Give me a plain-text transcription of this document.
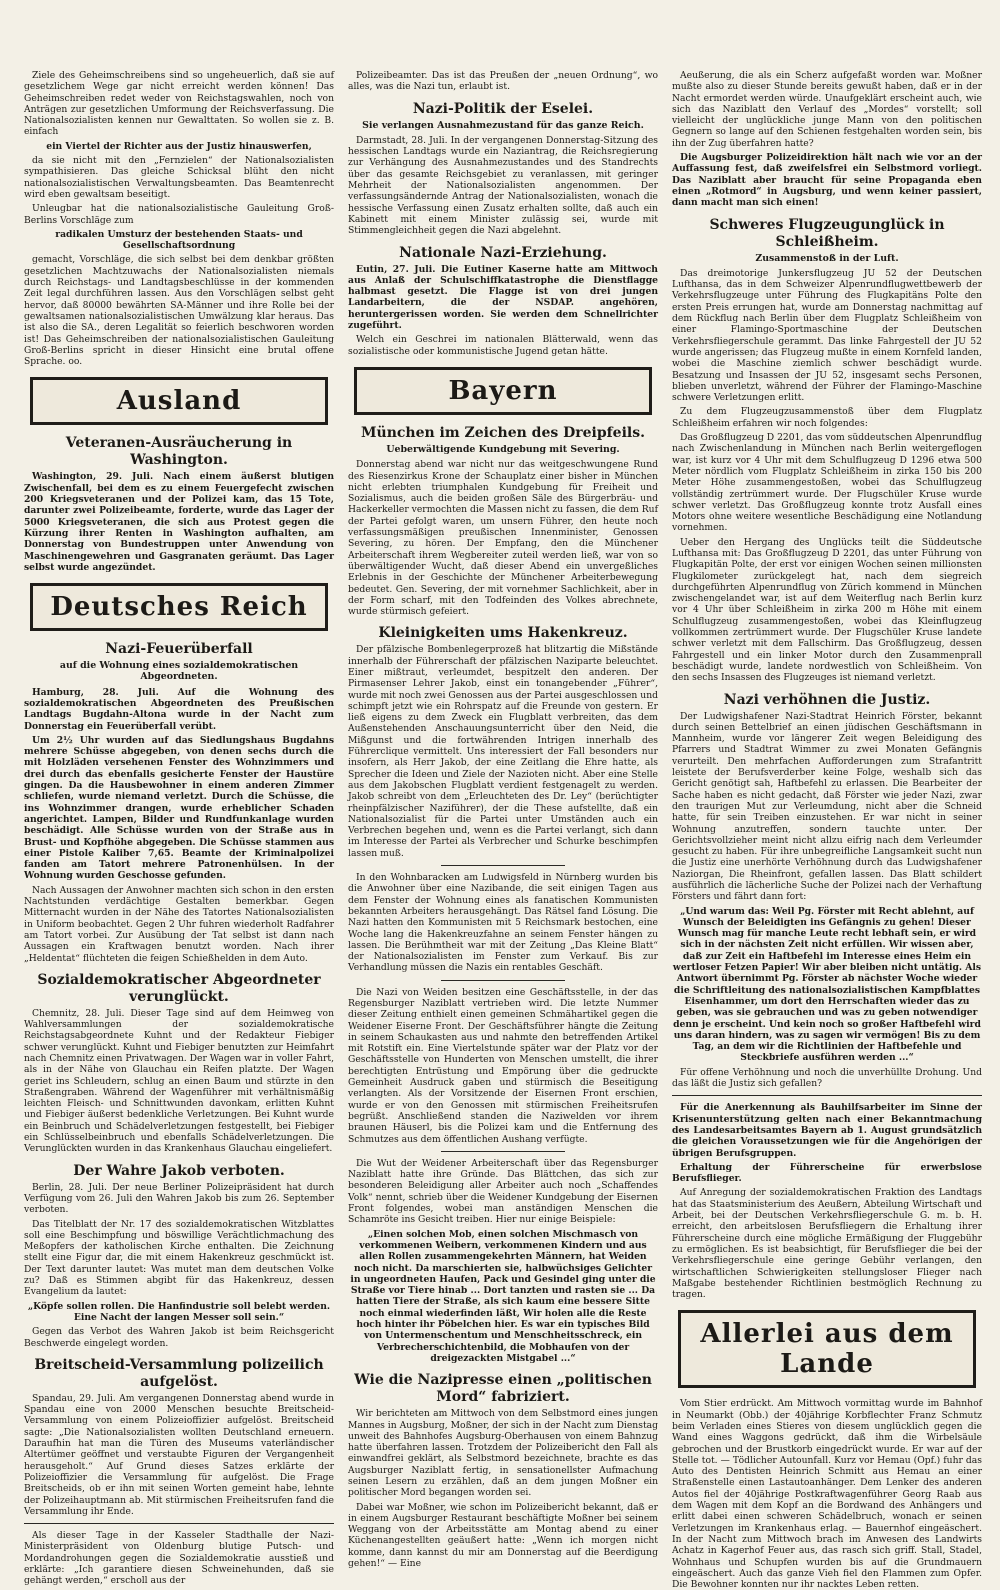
Ziele des Geheimschreibens sind so ungeheuerlich, daß sie auf gesetzlichem Wege gar nicht erreicht werden können! Das Geheimschreiben redet weder von Reichstagswahlen, noch von Anträgen zur gesetzlichen Umformung der Reichsverfassung. Die Nationalsozialisten kennen nur Gewalttaten. So wollen sie z. B. einfach

ein Viertel der Richter aus der Justiz hinauswerfen,

da sie nicht mit den „Fernzielen“ der Nationalsozialisten sympathisieren. Das gleiche Schicksal blüht den nicht nationalsozialistischen Verwaltungsbeamten. Das Beamtenrecht wird eben gewaltsam beseitigt.

Unleugbar hat die nationalsozialistische Gauleitung Groß-Berlins Vorschläge zum

radikalen Umsturz der bestehenden Staats- und Gesellschaftsordnung

gemacht, Vorschläge, die sich selbst bei dem denkbar größten gesetzlichen Machtzuwachs der Nationalsozialisten niemals durch Reichstags- und Landtagsbeschlüsse in der kommenden Zeit legal durchführen lassen. Aus den Vorschlägen selbst geht hervor, daß 80000 bewährten SA-Männer und ihre Rolle bei der gewaltsamen nationalsozialistischen Umwälzung klar heraus. Das ist also die SA., deren Legalität so feierlich beschworen worden ist! Das Geheimschreiben der nationalsozialistischen Gauleitung Groß-Berlins spricht in dieser Hinsicht eine brutal offene Sprache. oo.

Ausland
Veteranen-Ausräucherung in Washington.

Washington, 29. Juli. Nach einem äußerst blutigen Zwischenfall, bei dem es zu einem Feuergefecht zwischen 200 Kriegsveteranen und der Polizei kam, das 15 Tote, darunter zwei Polizeibeamte, forderte, wurde das Lager der 5000 Kriegsveteranen, die sich aus Protest gegen die Kürzung ihrer Renten in Washington aufhalten, am Donnerstag von Bundestruppen unter Anwendung von Maschinengewehren und Gasgranaten geräumt. Das Lager selbst wurde angezündet.

Deutsches Reich
Nazi-Feuerüberfall
auf die Wohnung eines sozialdemokratischen Abgeordneten.

Hamburg, 28. Juli. Auf die Wohnung des sozialdemokratischen Abgeordneten des Preußischen Landtags Bugdahn-Altona wurde in der Nacht zum Donnerstag ein Feuerüberfall verübt.

Um 2½ Uhr wurden auf das Siedlungshaus Bugdahns mehrere Schüsse abgegeben, von denen sechs durch die mit Holzläden versehenen Fenster des Wohnzimmers und drei durch das ebenfalls gesicherte Fenster der Haustüre gingen. Da die Hausbewohner in einem anderen Zimmer schliefen, wurde niemand verletzt. Durch die Schüsse, die ins Wohnzimmer drangen, wurde erheblicher Schaden angerichtet. Lampen, Bilder und Rundfunkanlage wurden beschädigt. Alle Schüsse wurden von der Straße aus in Brust- und Kopfhöhe abgegeben. Die Schüsse stammen aus einer Pistole Kaliber 7,65. Beamte der Kriminalpolizei fanden am Tatort mehrere Patronenhülsen. In der Wohnung wurden Geschosse gefunden.

Nach Aussagen der Anwohner machten sich schon in den ersten Nachtstunden verdächtige Gestalten bemerkbar. Gegen Mitternacht wurden in der Nähe des Tatortes Nationalsozialisten in Uniform beobachtet. Gegen 2 Uhr fuhren wiederholt Radfahrer am Tatort vorbei. Zur Ausübung der Tat selbst ist dann nach Aussagen ein Kraftwagen benutzt worden. Nach ihrer „Heldentat“ flüchteten die feigen Schießhelden in dem Auto.

Sozialdemokratischer Abgeordneter verunglückt.

Chemnitz, 28. Juli. Dieser Tage sind auf dem Heimweg von Wahlversammlungen der sozialdemokratische Reichstagsabgeordnete Kuhnt und der Redakteur Fiebiger schwer verunglückt. Kuhnt und Fiebiger benutzten zur Heimfahrt nach Chemnitz einen Privatwagen. Der Wagen war in voller Fahrt, als in der Nähe von Glauchau ein Reifen platzte. Der Wagen geriet ins Schleudern, schlug an einen Baum und stürzte in den Straßengraben. Während der Wagenführer mit verhältnismäßig leichten Fleisch- und Schnittwunden davonkam, erlitten Kuhnt und Fiebiger äußerst bedenkliche Verletzungen. Bei Kuhnt wurde ein Beinbruch und Schädelverletzungen festgestellt, bei Fiebiger ein Schlüsselbeinbruch und ebenfalls Schädelverletzungen. Die Verunglückten wurden in das Krankenhaus Glauchau eingeliefert.

Der Wahre Jakob verboten.

Berlin, 28. Juli. Der neue Berliner Polizeipräsident hat durch Verfügung vom 26. Juli den Wahren Jakob bis zum 26. September verboten.

Das Titelblatt der Nr. 17 des sozialdemokratischen Witzblattes soll eine Beschimpfung und böswillige Verächtlichmachung des Meßopfers der katholischen Kirche enthalten. Die Zeichnung stellt eine Figur dar, die mit einem Hakenkreuz geschmückt ist. Der Text darunter lautet: Was mutet man dem deutschen Volke zu? Daß es Stimmen abgibt für das Hakenkreuz, dessen Evangelium da lautet:

„Köpfe sollen rollen. Die Hanfindustrie soll belebt werden. Eine Nacht der langen Messer soll sein.“

Gegen das Verbot des Wahren Jakob ist beim Reichsgericht Beschwerde eingelegt worden.

Breitscheid-Versammlung polizeilich aufgelöst.

Spandau, 29. Juli. Am vergangenen Donnerstag abend wurde in Spandau eine von 2000 Menschen besuchte Breitscheid-Versammlung von einem Polizeioffizier aufgelöst. Breitscheid sagte: „Die Nationalsozialisten wollten Deutschland erneuern. Daraufhin hat man die Türen des Museums vaterländischer Altertümer geöffnet und verstaubte Figuren der Vergangenheit herausgeholt.“ Auf Grund dieses Satzes erklärte der Polizeioffizier die Versammlung für aufgelöst. Die Frage Breitscheids, ob er ihn mit seinen Worten gemeint habe, lehnte der Polizeihauptmann ab. Mit stürmischen Freiheitsrufen fand die Versammlung ihr Ende.

Als dieser Tage in der Kasseler Stadthalle der Nazi-Ministerpräsident von Oldenburg blutige Putsch- und Mordandrohungen gegen die Sozialdemokratie ausstieß und erklärte: „Ich garantiere diesen Schweinehunden, daß sie gehängt werden,“ erscholl aus der

Polizeibeamter. Das ist das Preußen der „neuen Ordnung“, wo alles, was die Nazi tun, erlaubt ist.

Nazi-Politik der Eselei.
Sie verlangen Ausnahmezustand für das ganze Reich.

Darmstadt, 28. Juli. In der vergangenen Donnerstag-Sitzung des hessischen Landtags wurde ein Naziantrag, die Reichsregierung zur Verhängung des Ausnahmezustandes und des Standrechts über das gesamte Reichsgebiet zu veranlassen, mit geringer Mehrheit der Nationalsozialisten angenommen. Der verfassungsändernde Antrag der Nationalsozialisten, wonach die hessische Verfassung einen Zusatz erhalten sollte, daß auch ein Kabinett mit einem Minister zulässig sei, wurde mit Stimmengleichheit gegen die Nazi abgelehnt.

Nationale Nazi-Erziehung.

Eutin, 27. Juli. Die Eutiner Kaserne hatte am Mittwoch aus Anlaß der Schulschiffkatastrophe die Dienstflagge halbmast gesetzt. Die Flagge ist von drei jungen Landarbeitern, die der NSDAP. angehören, heruntergerissen worden. Sie werden dem Schnellrichter zugeführt.

Welch ein Geschrei im nationalen Blätterwald, wenn das sozialistische oder kommunistische Jugend getan hätte.

Bayern
München im Zeichen des Dreipfeils.
Ueberwältigende Kundgebung mit Severing.

Donnerstag abend war nicht nur das weitgeschwungene Rund des Riesenzirkus Krone der Schauplatz einer bisher in München nicht erlebten triumphalen Kundgebung für Freiheit und Sozialismus, auch die beiden großen Säle des Bürgerbräu- und Hackerkeller vermochten die Massen nicht zu fassen, die dem Ruf der Partei gefolgt waren, um unsern Führer, den heute noch verfassungsmäßigen preußischen Innenminister, Genossen Severing, zu hören. Der Empfang, den die Münchener Arbeiterschaft ihrem Wegbereiter zuteil werden ließ, war von so überwältigender Wucht, daß dieser Abend ein unvergeßliches Erlebnis in der Geschichte der Münchener Arbeiterbewegung bedeutet. Gen. Severing, der mit vornehmer Sachlichkeit, aber in der Form scharf, mit den Todfeinden des Volkes abrechnete, wurde stürmisch gefeiert.

Kleinigkeiten ums Hakenkreuz.

Der pfälzische Bombenlegerprozeß hat blitzartig die Mißstände innerhalb der Führerschaft der pfälzischen Naziparte beleuchtet. Einer mißtraut, verleumdet, bespitzelt den anderen. Der Pirmasenser Lehrer Jakob, einst ein tonangebender „Führer“, wurde mit noch zwei Genossen aus der Partei ausgeschlossen und schimpft jetzt wie ein Rohrspatz auf die Freunde von gestern. Er ließ eigens zu dem Zweck ein Flugblatt verbreiten, das dem Außenstehenden Anschauungsunterricht über den Neid, die Mißgunst und die fortwährenden Intrigen innerhalb des Führerclique vermittelt. Uns interessiert der Fall besonders nur insofern, als Herr Jakob, der eine Zeitlang die Ehre hatte, als Sprecher die Ideen und Ziele der Nazioten nicht. Aber eine Stelle aus dem Jakobschen Flugblatt verdient festgenagelt zu werden. Jakob schreibt von dem „Erleuchteten des Dr. Ley“ (berüchtigter rheinpfälzischer Naziführer), der die These aufstellte, daß ein Nationalsozialist für die Partei unter Umständen auch ein Verbrechen begehen und, wenn es die Partei verlangt, sich dann im Interesse der Partei als Verbrecher und Schurke beschimpfen lassen muß.

In den Wohnbaracken am Ludwigsfeld in Nürnberg wurden bis die Anwohner über eine Nazibande, die seit einigen Tagen aus dem Fenster der Wohnung eines als fanatischen Kommunisten bekannten Arbeiters herausgehängt. Das Rätsel fand Lösung. Die Nazi hatten den Kommunisten mit 5 Reichsmark bestochen, eine Woche lang die Hakenkreuzfahne an seinem Fenster hängen zu lassen. Die Berühmtheit war mit der Zeitung „Das Kleine Blatt“ der Nationalsozialisten im Fenster zum Verkauf. Bis zur Verhandlung müssen die Nazis ein rentables Geschäft.

Die Nazi von Weiden besitzen eine Geschäftsstelle, in der das Regensburger Naziblatt vertrieben wird. Die letzte Nummer dieser Zeitung enthielt einen gemeinen Schmähartikel gegen die Weidener Eiserne Front. Der Geschäftsführer hängte die Zeitung in seinem Schaukasten aus und nahmte den betreffenden Artikel mit Rotstift ein. Eine Viertelstunde später war der Platz vor der Geschäftsstelle von Hunderten von Menschen umstellt, die ihrer berechtigten Entrüstung und Empörung über die gedruckte Gemeinheit Ausdruck gaben und stürmisch die Beseitigung verlangten. Als der Vorsitzende der Eisernen Front erschien, wurde er von den Genossen mit stürmischen Freiheitsrufen begrüßt. Anschließend standen die Naziwelden vor ihrem braunen Häuserl, bis die Polizei kam und die Entfernung des Schmutzes aus dem öffentlichen Aushang verfügte.

Die Wut der Weidener Arbeiterschaft über das Regensburger Naziblatt hatte ihre Gründe. Das Blättchen, das sich zur besonderen Beleidigung aller Arbeiter auch noch „Schaffendes Volk“ nennt, schrieb über die Weidener Kundgebung der Eisernen Front folgendes, wobei man anständigen Menschen die Schamröte ins Gesicht treiben. Hier nur einige Beispiele:

„Einen solchen Mob, einen solchen Mischmasch von verkommenen Weibern, verkommenen Kindern und aus allen Rollen zusammengekehrten Männern, hat Weiden noch nicht. Da marschierten sie, halbwüchsiges Gelichter in ungeordneten Haufen, Pack und Gesindel ging unter die Straße vor Tiere hinab ... Dort tanzten und rasten sie ... Da hatten Tiere der Straße, als sich kaum eine bessere Sitte noch einmal wiederfinden läßt, Wir holen alle die Reste hoch hinter ihr Pöbelchen hier. Es war ein typisches Bild von Untermenschentum und Menschheitsschreck, ein Verbrecherschichtenbild, die Mobhaufen von der dreigezackten Mistgabel ...“

Wie die Nazipresse einen „politischen Mord“ fabriziert.

Wir berichteten am Mittwoch von dem Selbstmord eines jungen Mannes in Augsburg, Moßner, der sich in der Nacht zum Dienstag unweit des Bahnhofes Augsburg-Oberhausen von einem Bahnzug hatte überfahren lassen. Trotzdem der Polizeibericht den Fall als einwandfrei geklärt, als Selbstmord bezeichnete, brachte es das Augsburger Naziblatt fertig, in sensationellster Aufmachung seinen Lesern zu erzählen, daß an dem jungen Moßner ein politischer Mord begangen worden sei.

Dabei war Moßner, wie schon im Polizeibericht bekannt, daß er in einem Augsburger Restaurant beschäftigte Moßner bei seinem Weggang von der Arbeitsstätte am Montag abend zu einer Küchenangestellten geäußert hatte: „Wenn ich morgen nicht komme, dann kannst du mir am Donnerstag auf die Beerdigung gehen!“ — Eine

Aeußerung, die als ein Scherz aufgefaßt worden war. Moßner mußte also zu dieser Stunde bereits gewußt haben, daß er in der Nacht ermordet werden würde. Unaufgeklärt erscheint auch, wie sich das Naziblatt den Verlauf des „Mordes“ vorstellt; soll vielleicht der unglückliche junge Mann von den politischen Gegnern so lange auf den Schienen festgehalten worden sein, bis ihn der Zug überfahren hatte?

Die Augsburger Polizeidirektion hält nach wie vor an der Auffassung fest, daß zweifelsfrei ein Selbstmord vorliegt. Das Naziblatt aber braucht für seine Propaganda eben einen „Rotmord“ in Augsburg, und wenn keiner passiert, dann macht man sich einen!

Schweres Flugzeugunglück in Schleißheim.
Zusammenstoß in der Luft.

Das dreimotorige Junkersflugzeug JU 52 der Deutschen Lufthansa, das in dem Schweizer Alpenrundflugwettbewerb der Verkehrsflugzeuge unter Führung des Flugkapitäns Polte den ersten Preis errungen hat, wurde am Donnerstag nachmittag auf dem Rückflug nach Berlin über dem Flugplatz Schleißheim von einer Flamingo-Sportmaschine der Deutschen Verkehrsfliegerschule gerammt. Das linke Fahrgestell der JU 52 wurde angerissen; das Flugzeug mußte in einem Kornfeld landen, wobei die Maschine ziemlich schwer beschädigt wurde. Besatzung und Insassen der JU 52, insgesamt sechs Personen, blieben unverletzt, während der Führer der Flamingo-Maschine schwere Verletzungen erlitt.

Zu dem Flugzeugzusammenstoß über dem Flugplatz Schleißheim erfahren wir noch folgendes:

Das Großflugzeug D 2201, das vom süddeutschen Alpenrundflug nach Zwischenlandung in München nach Berlin weitergeflogen war, ist kurz vor 4 Uhr mit dem Schulflugzeug D 1296 etwa 500 Meter nördlich vom Flugplatz Schleißheim in zirka 150 bis 200 Meter Höhe zusammengestoßen, wobei das Schulflugzeug vollständig zertrümmert wurde. Der Flugschüler Kruse wurde schwer verletzt. Das Großflugzeug konnte trotz Ausfall eines Motors ohne weitere wesentliche Beschädigung eine Notlandung vornehmen.

Ueber den Hergang des Unglücks teilt die Süddeutsche Lufthansa mit: Das Großflugzeug D 2201, das unter Führung von Flugkapitän Polte, der erst vor einigen Wochen seinen millionsten Flugkilometer zurückgelegt hat, nach dem siegreich durchgeführten Alpenrundflug von Zürich kommend in München zwischengelandet war, ist auf dem Weiterflug nach Berlin kurz vor 4 Uhr über Schleißheim in zirka 200 m Höhe mit einem Schulflugzeug zusammengestoßen, wobei das Kleinflugzeug vollkommen zertrümmert wurde. Der Flugschüler Kruse landete schwer verletzt mit dem Fallschirm. Das Großflugzeug, dessen Fahrgestell und ein linker Motor durch den Zusammenprall beschädigt wurde, landete nordwestlich von Schleißheim. Von den sechs Insassen des Flugzeuges ist niemand verletzt.

Nazi verhöhnen die Justiz.

Der Ludwigshafener Nazi-Stadtrat Heinrich Förster, bekannt durch seinen Bettelbrief an einen jüdischen Geschäftsmann in Mannheim, wurde vor längerer Zeit wegen Beleidigung des Pfarrers und Stadtrat Wimmer zu zwei Monaten Gefängnis verurteilt. Den mehrfachen Aufforderungen zum Strafantritt leistete der Berufsverderber keine Folge, weshalb sich das Gericht genötigt sah, Haftbefehl zu erlassen. Die Bearbeiter der Sache haben es nicht gedacht, daß Förster wie jeder Nazi, zwar den traurigen Mut zur Verleumdung, nicht aber die Schneid hatte, für sein Treiben einzustehen. Er war nicht in seiner Wohnung anzutreffen, sondern tauchte unter. Der Gerichtsvollzieher meint nicht allzu eifrig nach dem Verleumder gesucht zu haben. Für ihre unbegreifliche Langsamkeit sucht nun die Justiz eine unerhörte Verhöhnung durch das Ludwigshafener Naziorgan, Die Rheinfront, gefallen lassen. Das Blatt schildert ausführlich die lächerliche Suche der Polizei nach der Verhaftung Försters und fährt dann fort:

„Und warum das: Weil Pg. Förster mit Recht ablehnt, auf Wunsch der Beleidigten ins Gefängnis zu gehen! Dieser Wunsch mag für manche Leute recht lebhaft sein, er wird sich in der nächsten Zeit nicht erfüllen. Wir wissen aber, daß zur Zeit ein Haftbefehl im Interesse eines Heim ein wertloser Fetzen Papier! Wir aber bleiben nicht untätig. Als Antwort übernimmt Pg. Förster ab nächster Woche wieder die Schriftleitung des nationalsozialistischen Kampfblattes Eisenhammer, um dort den Herrschaften wieder das zu geben, was sie gebrauchen und was zu geben notwendiger denn je erscheint. Und kein noch so großer Haftbefehl wird uns daran hindern, was zu sagen wir vermögen! Bis zu dem Tag, an dem wir die Richtlinien der Haftbefehle und Steckbriefe ausführen werden ...“

Für offene Verhöhnung und noch die unverhüllte Drohung. Und das läßt die Justiz sich gefallen?

Für die Anerkennung als Bauhilfsarbeiter im Sinne der Krisenunterstützung gelten nach einer Bekanntmachung des Landesarbeitsamtes Bayern ab 1. August grundsätzlich die gleichen Voraussetzungen wie für die Angehörigen der übrigen Berufsgruppen.

Erhaltung der Führerscheine für erwerbslose Berufsflieger.

Auf Anregung der sozialdemokratischen Fraktion des Landtags hat das Staatsministerium des Aeußern, Abteilung Wirtschaft und Arbeit, bei der Deutschen Verkehrsfliegerschule G. m. b. H. erreicht, den arbeitslosen Berufsfliegern die Erhaltung ihrer Führerscheine durch eine mögliche Ermäßigung der Fluggebühr zu ermöglichen. Es ist beabsichtigt, für Berufsflieger die bei der Verkehrsfliegerschule eine geringe Gebühr verlangen, den wirtschaftlichen Schwierigkeiten stellungsloser Flieger nach Maßgabe bestehender Richtlinien bestmöglich Rechnung zu tragen.

Allerlei aus dem Lande

Vom Stier erdrückt. Am Mittwoch vormittag wurde im Bahnhof in Neumarkt (Obb.) der 40jährige Korbflechter Franz Schmutz beim Verladen eines Stieres von diesem unglücklich gegen die Wand eines Waggons gedrückt, daß ihm die Wirbelsäule gebrochen und der Brustkorb eingedrückt wurde. Er war auf der Stelle tot. — Tödlicher Autounfall. Kurz vor Hemau (Opf.) fuhr das Auto des Dentisten Heinrich Schmitt aus Hemau an einer Straßenstelle einen Lastautoanhänger. Dem Lenker des anderen Autos fiel der 40jährige Postkraftwagenführer Georg Raab aus dem Wagen mit dem Kopf an die Bordwand des Anhängers und erlitt dabei einen schweren Schädelbruch, wonach er seinen Verletzungen im Krankenhaus erlag. — Bauernhof eingeäschert. In der Nacht zum Mittwoch brach im Anwesen des Landwirts Achatz in Kagerhof Feuer aus, das rasch sich griff. Stall, Stadel, Wohnhaus und Schupfen wurden bis auf die Grundmauern eingeäschert. Auch das ganze Vieh fiel den Flammen zum Opfer. Die Bewohner konnten nur ihr nacktes Leben retten.
